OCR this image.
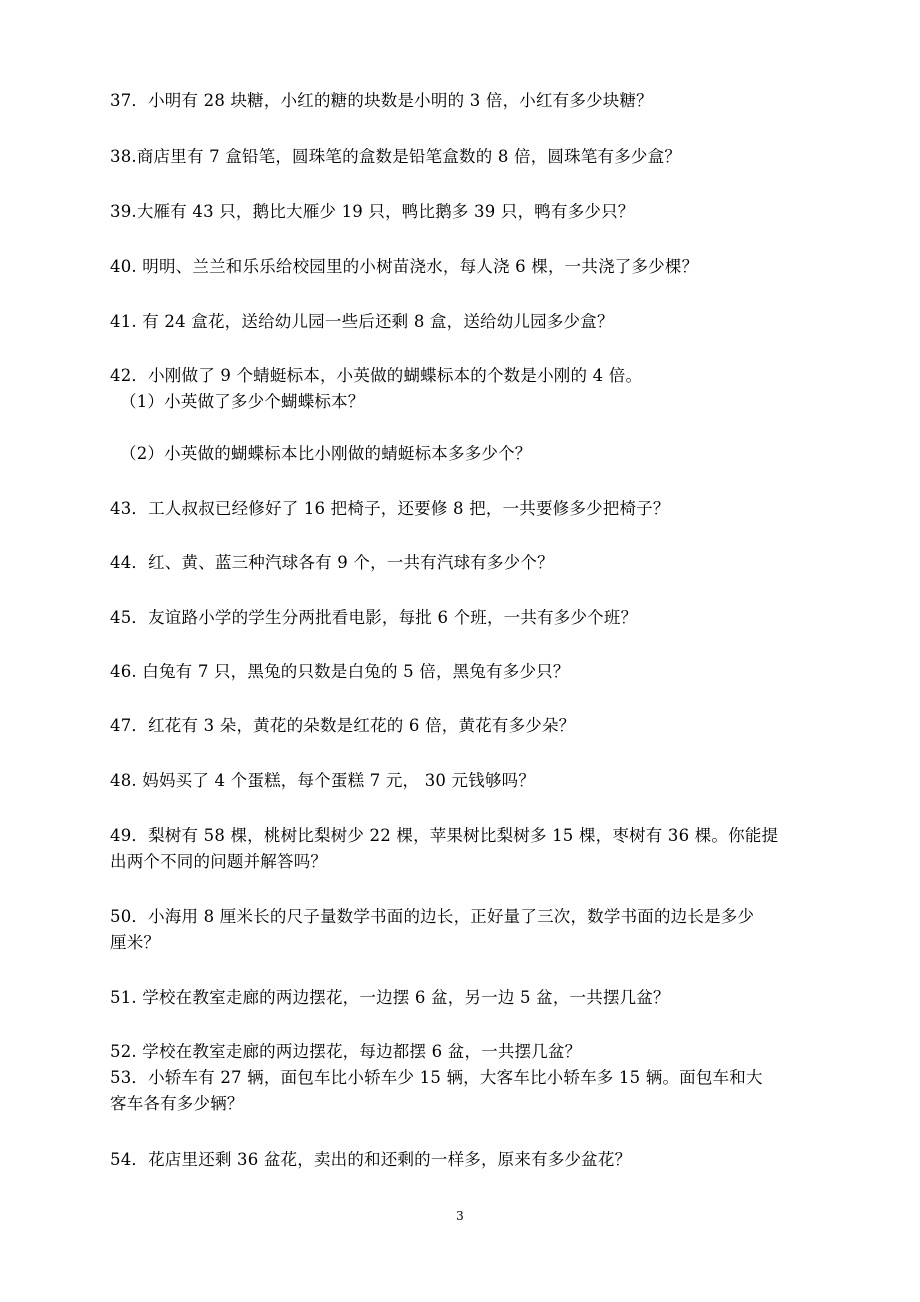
37．小明有 28 块糖，小红的糖的块数是小明的 3 倍，小红有多少块糖？
38.商店里有 7 盒铅笔，圆珠笔的盒数是铅笔盒数的 8 倍，圆珠笔有多少盒？
39.大雁有 43 只，鹅比大雁少 19 只，鸭比鹅多 39 只，鸭有多少只？
40. 明明、兰兰和乐乐给校园里的小树苗浇水，每人浇 6 棵，一共浇了多少棵？
41. 有 24 盒花，送给幼儿园一些后还剩 8 盒，送给幼儿园多少盒？
42．小刚做了 9 个蜻蜓标本，小英做的蝴蝶标本的个数是小刚的 4 倍。
（1）小英做了多少个蝴蝶标本？
（2）小英做的蝴蝶标本比小刚做的蜻蜓标本多多少个？
43．工人叔叔已经修好了 16 把椅子，还要修 8 把，一共要修多少把椅子？
44．红、黄、蓝三种汽球各有 9 个，一共有汽球有多少个？
45．友谊路小学的学生分两批看电影，每批 6 个班，一共有多少个班？
46. 白兔有 7 只，黑兔的只数是白兔的 5 倍，黑兔有多少只？
47．红花有 3 朵，黄花的朵数是红花的 6 倍，黄花有多少朵？
48. 妈妈买了 4 个蛋糕，每个蛋糕 7 元， 30 元钱够吗？
49．梨树有 58 棵，桃树比梨树少 22 棵，苹果树比梨树多 15 棵，枣树有 36 棵。你能提
出两个不同的问题并解答吗？
50．小海用 8 厘米长的尺子量数学书面的边长，正好量了三次，数学书面的边长是多少
厘米？
51. 学校在教室走廊的两边摆花，一边摆 6 盆，另一边 5 盆，一共摆几盆？
52. 学校在教室走廊的两边摆花，每边都摆 6 盆，一共摆几盆？
53．小轿车有 27 辆，面包车比小轿车少 15 辆，大客车比小轿车多 15 辆。面包车和大
客车各有多少辆？
54．花店里还剩 36 盆花，卖出的和还剩的一样多，原来有多少盆花？
3
